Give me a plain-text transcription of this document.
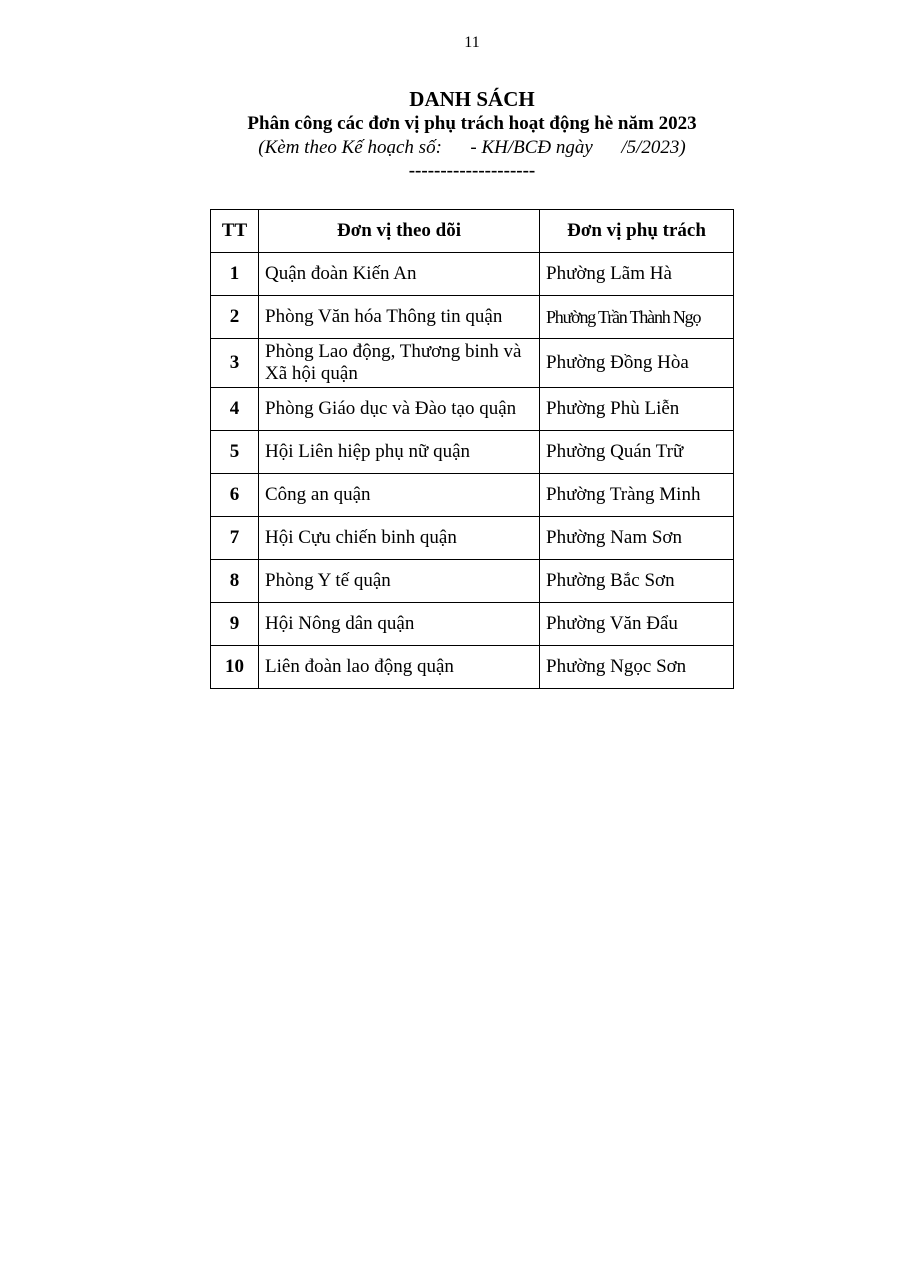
11
DANH SÁCH
Phân công các đơn vị phụ trách hoạt động hè năm 2023
(Kèm theo Kế hoạch số:      - KH/BCĐ ngày      /5/2023)
--------------------
TT	Đơn vị theo dõi	Đơn vị phụ trách
1	Quận đoàn Kiến An	Phường Lãm Hà
2	Phòng Văn hóa Thông tin quận	Phường Trần Thành Ngọ
3	Phòng Lao động, Thương binh và Xã hội quận	Phường Đồng Hòa
4	Phòng Giáo dục và Đào tạo quận	Phường Phù Liễn
5	Hội Liên hiệp phụ nữ quận	Phường Quán Trữ
6	Công an quận	Phường Tràng Minh
7	Hội Cựu chiến binh quận	Phường Nam Sơn
8	Phòng Y tế quận	Phường Bắc Sơn
9	Hội Nông dân quận	Phường Văn Đẩu
10	Liên đoàn lao động quận	Phường Ngọc Sơn
